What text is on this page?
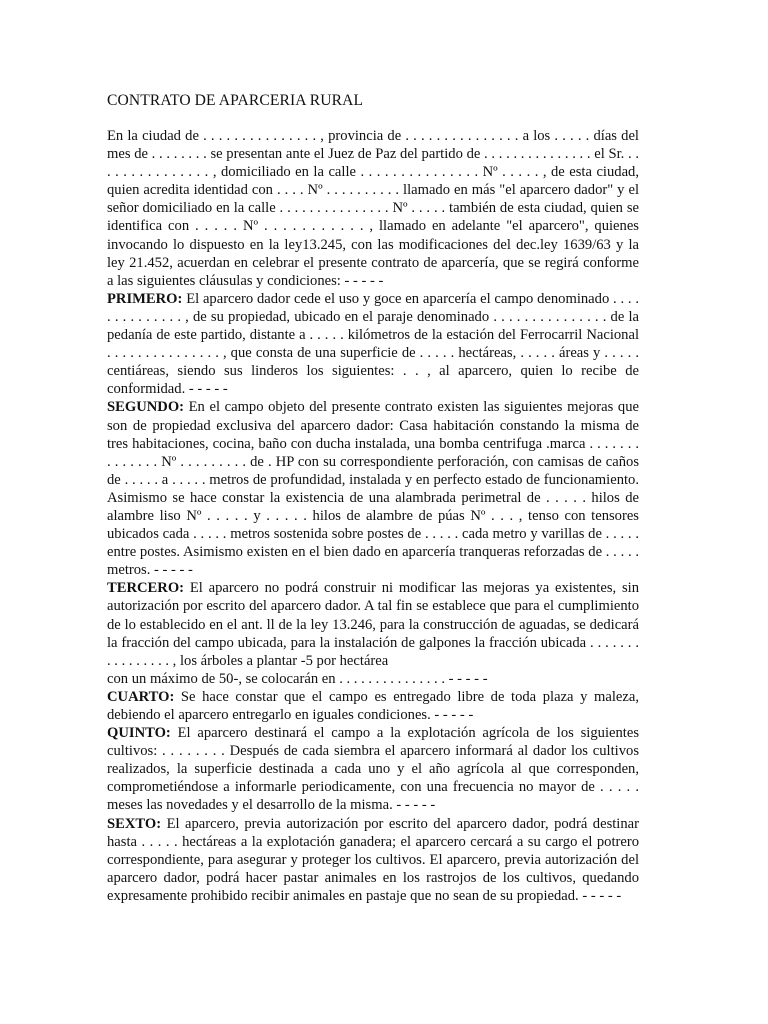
CONTRATO DE APARCERIA RURAL

En la ciudad de . . . . . . . . . . . . . . . , provincia de . . . . . . . . . . . . . . . a los . . . . . días del mes de . . . . . . . . se presentan ante el Juez de Paz del partido de . . . . . . . . . . . . . . . el Sr. . . . . . . . . . . . . . . . , domiciliado en la calle . . . . . . . . . . . . . . . Nº . . . . . , de esta ciudad, quien acredita identidad con . . . . Nº . . . . . . . . . . llamado en más "el aparcero dador" y el señor domiciliado en la calle . . . . . . . . . . . . . . . Nº . . . . . también de esta ciudad, quien se identifica con . . . . . Nº . . . . . . . . . . . , llamado en adelante "el aparcero", quienes invocando lo dispuesto en la ley13.245, con las modificaciones del dec.ley 1639/63 y la ley 21.452, acuerdan en celebrar el presente contrato de aparcería, que se regirá conforme a las siguientes cláusulas y condiciones: - - - - -

PRIMERO: El aparcero dador cede el uso y goce en aparcería el campo denominado . . . . . . . . . . . . . . , de su propiedad, ubicado en el paraje denominado . . . . . . . . . . . . . . . de la pedanía de este partido, distante a . . . . . kilómetros de la estación del Ferrocarril Nacional . . . . . . . . . . . . . . . , que consta de una superficie de . . . . . hectáreas, . . . . . áreas y . . . . . centiáreas, siendo sus linderos los siguientes: . . , al aparcero, quien lo recibe de conformidad. - - - - -

SEGUNDO: En el campo objeto del presente contrato existen las siguientes mejoras que son de propiedad exclusiva del aparcero dador: Casa habitación constando la misma de tres habitaciones, cocina, baño con ducha instalada, una bomba centrifuga .marca . . . . . . . . . . . . . . Nº . . . . . . . . . de . HP con su correspondiente perforación, con camisas de caños de . . . . . a . . . . . metros de profundidad, instalada y en perfecto estado de funcionamiento. Asimismo se hace constar la existencia de una alambrada perimetral de . . . . . hilos de alambre liso Nº . . . . . y . . . . . hilos de alambre de púas Nº . . . , tenso con tensores ubicados cada . . . . . metros sostenida sobre postes de . . . . . cada metro y varillas de . . . . . entre postes. Asimismo existen en el bien dado en aparcería tranqueras reforzadas de . . . . . metros. - - - - -

TERCERO: El aparcero no podrá construir ni modificar las mejoras ya existentes, sin autorización por escrito del aparcero dador. A tal fin se establece que para el cumplimiento de lo establecido en el ant. ll de la ley 13.246, para la construcción de aguadas, se dedicará la fracción del campo ubicada, para la instalación de galpones la fracción ubicada . . . . . . . . . . . . . . . . , los árboles a plantar -5 por hectárea

con un máximo de 50-, se colocarán en . . . . . . . . . . . . . . . - - - - -

CUARTO: Se hace constar que el campo es entregado libre de toda plaza y maleza, debiendo el aparcero entregarlo en iguales condiciones. - - - - -

QUINTO: El aparcero destinará el campo a la explotación agrícola de los siguientes cultivos: . . . . . . . . Después de cada siembra el aparcero informará al dador los cultivos realizados, la superficie destinada a cada uno y el año agrícola al que corresponden, comprometiéndose a informarle periodicamente, con una frecuencia no mayor de . . . . . meses las novedades y el desarrollo de la misma. - - - - -

SEXTO: El aparcero, previa autorización por escrito del aparcero dador, podrá destinar hasta . . . . . hectáreas a la explotación ganadera; el aparcero cercará a su cargo el potrero correspondiente, para asegurar y proteger los cultivos. El aparcero, previa autorización del aparcero dador, podrá hacer pastar animales en los rastrojos de los cultivos, quedando expresamente prohibido recibir animales en pastaje que no sean de su propiedad. - - - - -
